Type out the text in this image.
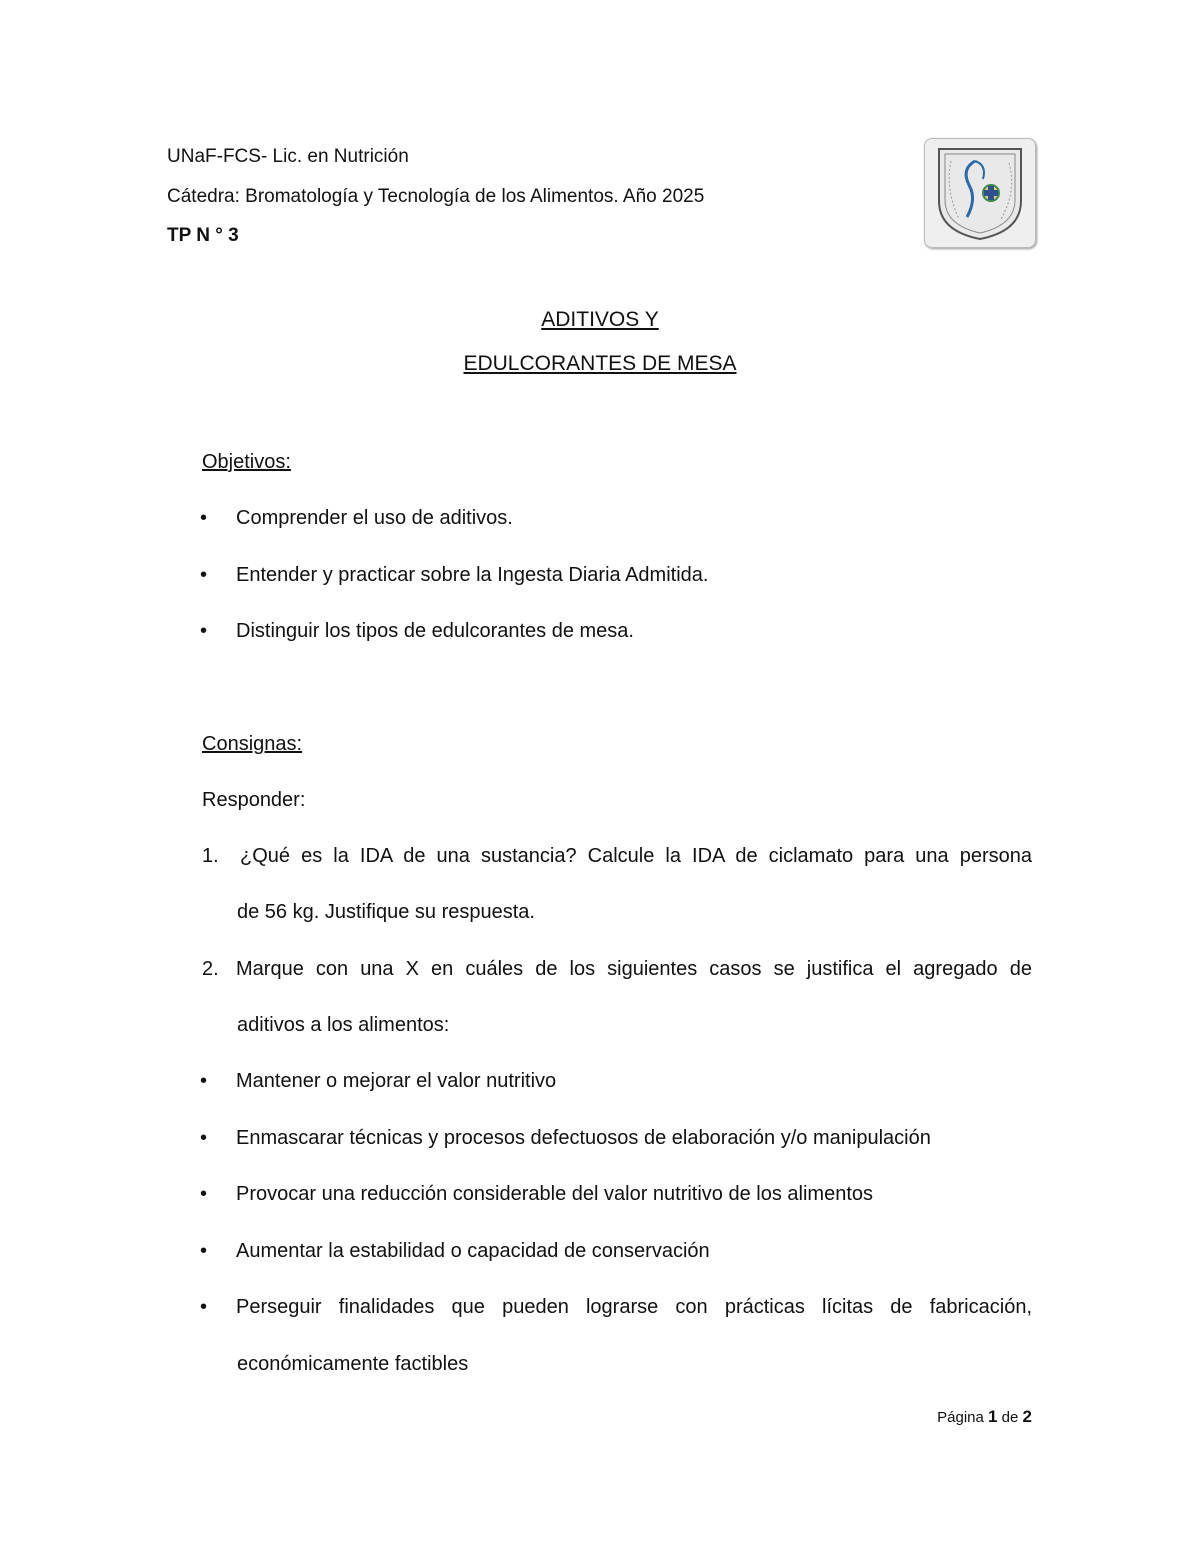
UNaF-FCS- Lic. en Nutrición
Cátedra: Bromatología y Tecnología de los Alimentos. Año 2025
TP N ° 3
ADITIVOS Y
EDULCORANTES DE MESA
Objetivos:
• Comprender el uso de aditivos.
• Entender y practicar sobre la Ingesta Diaria Admitida.
• Distinguir los tipos de edulcorantes de mesa.
Consignas:
Responder:
1. ¿Qué es la IDA de una sustancia? Calcule la IDA de ciclamato para una persona
de 56 kg. Justifique su respuesta.
2. Marque con una X en cuáles de los siguientes casos se justifica el agregado de
aditivos a los alimentos:
• Mantener o mejorar el valor nutritivo
• Enmascarar técnicas y procesos defectuosos de elaboración y/o manipulación
• Provocar una reducción considerable del valor nutritivo de los alimentos
• Aumentar la estabilidad o capacidad de conservación
• Perseguir finalidades que pueden lograrse con prácticas lícitas de fabricación,
económicamente factibles
Página 1 de 2
